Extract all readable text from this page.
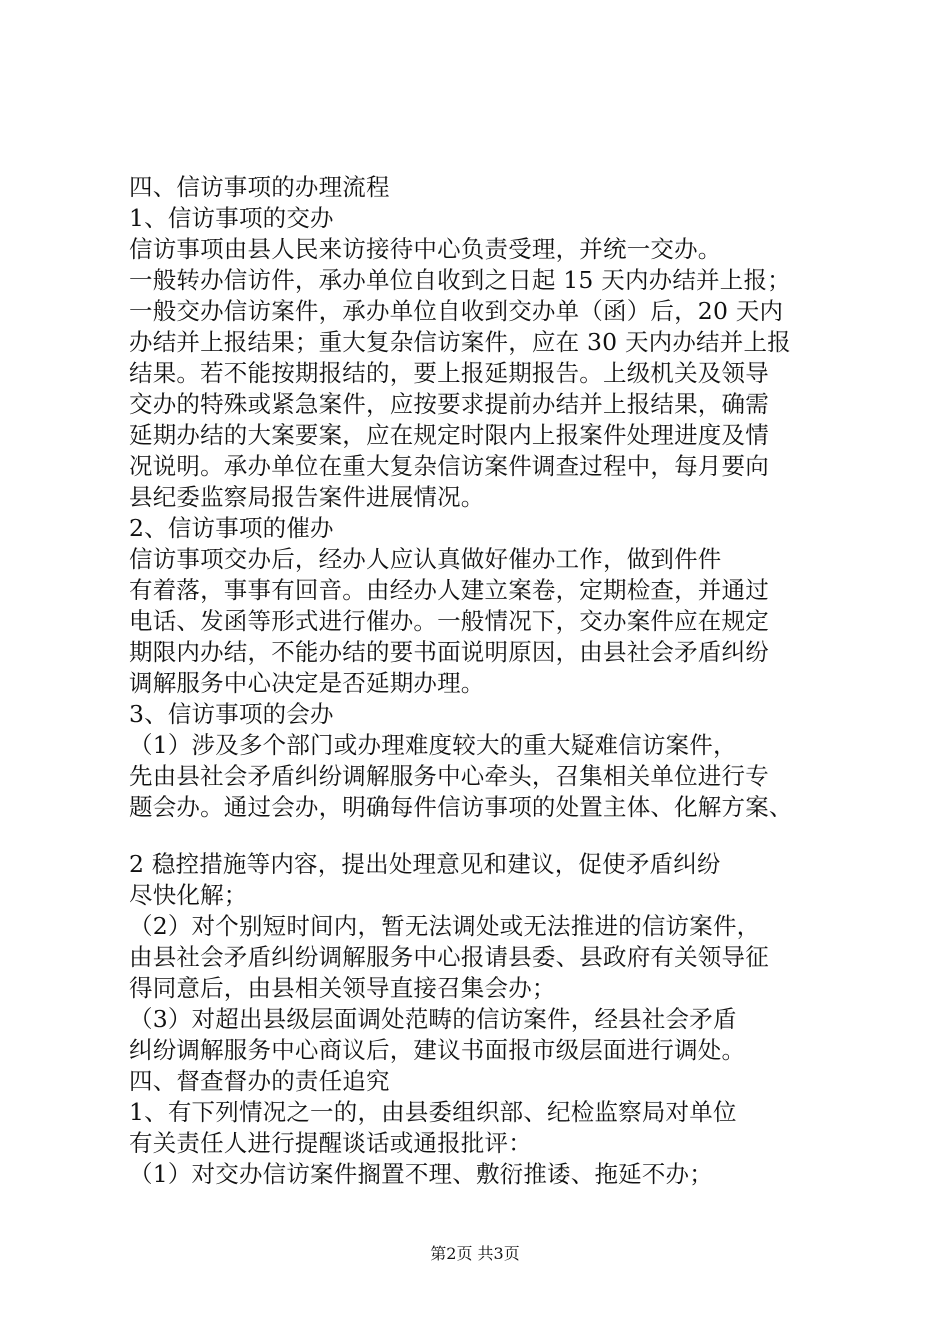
四、信访事项的办理流程
1、信访事项的交办
信访事项由县人民来访接待中心负责受理，并统一交办。
一般转办信访件，承办单位自收到之日起 15 天内办结并上报；
一般交办信访案件，承办单位自收到交办单（函）后，20 天内
办结并上报结果；重大复杂信访案件，应在 30 天内办结并上报
结果。若不能按期报结的，要上报延期报告。上级机关及领导
交办的特殊或紧急案件，应按要求提前办结并上报结果，确需
延期办结的大案要案，应在规定时限内上报案件处理进度及情
况说明。承办单位在重大复杂信访案件调查过程中，每月要向
县纪委监察局报告案件进展情况。
2、信访事项的催办
信访事项交办后，经办人应认真做好催办工作，做到件件
有着落，事事有回音。由经办人建立案卷，定期检查，并通过
电话、发函等形式进行催办。一般情况下，交办案件应在规定
期限内办结，不能办结的要书面说明原因，由县社会矛盾纠纷
调解服务中心决定是否延期办理。
3、信访事项的会办
（1）涉及多个部门或办理难度较大的重大疑难信访案件，
先由县社会矛盾纠纷调解服务中心牵头，召集相关单位进行专
题会办。通过会办，明确每件信访事项的处置主体、化解方案、
2 稳控措施等内容，提出处理意见和建议，促使矛盾纠纷
尽快化解；
（2）对个别短时间内，暂无法调处或无法推进的信访案件，
由县社会矛盾纠纷调解服务中心报请县委、县政府有关领导征
得同意后，由县相关领导直接召集会办；
（3）对超出县级层面调处范畴的信访案件，经县社会矛盾
纠纷调解服务中心商议后，建议书面报市级层面进行调处。
四、督查督办的责任追究
1、有下列情况之一的，由县委组织部、纪检监察局对单位
有关责任人进行提醒谈话或通报批评：
（1）对交办信访案件搁置不理、敷衍推诿、拖延不办；
第2页 共3页
